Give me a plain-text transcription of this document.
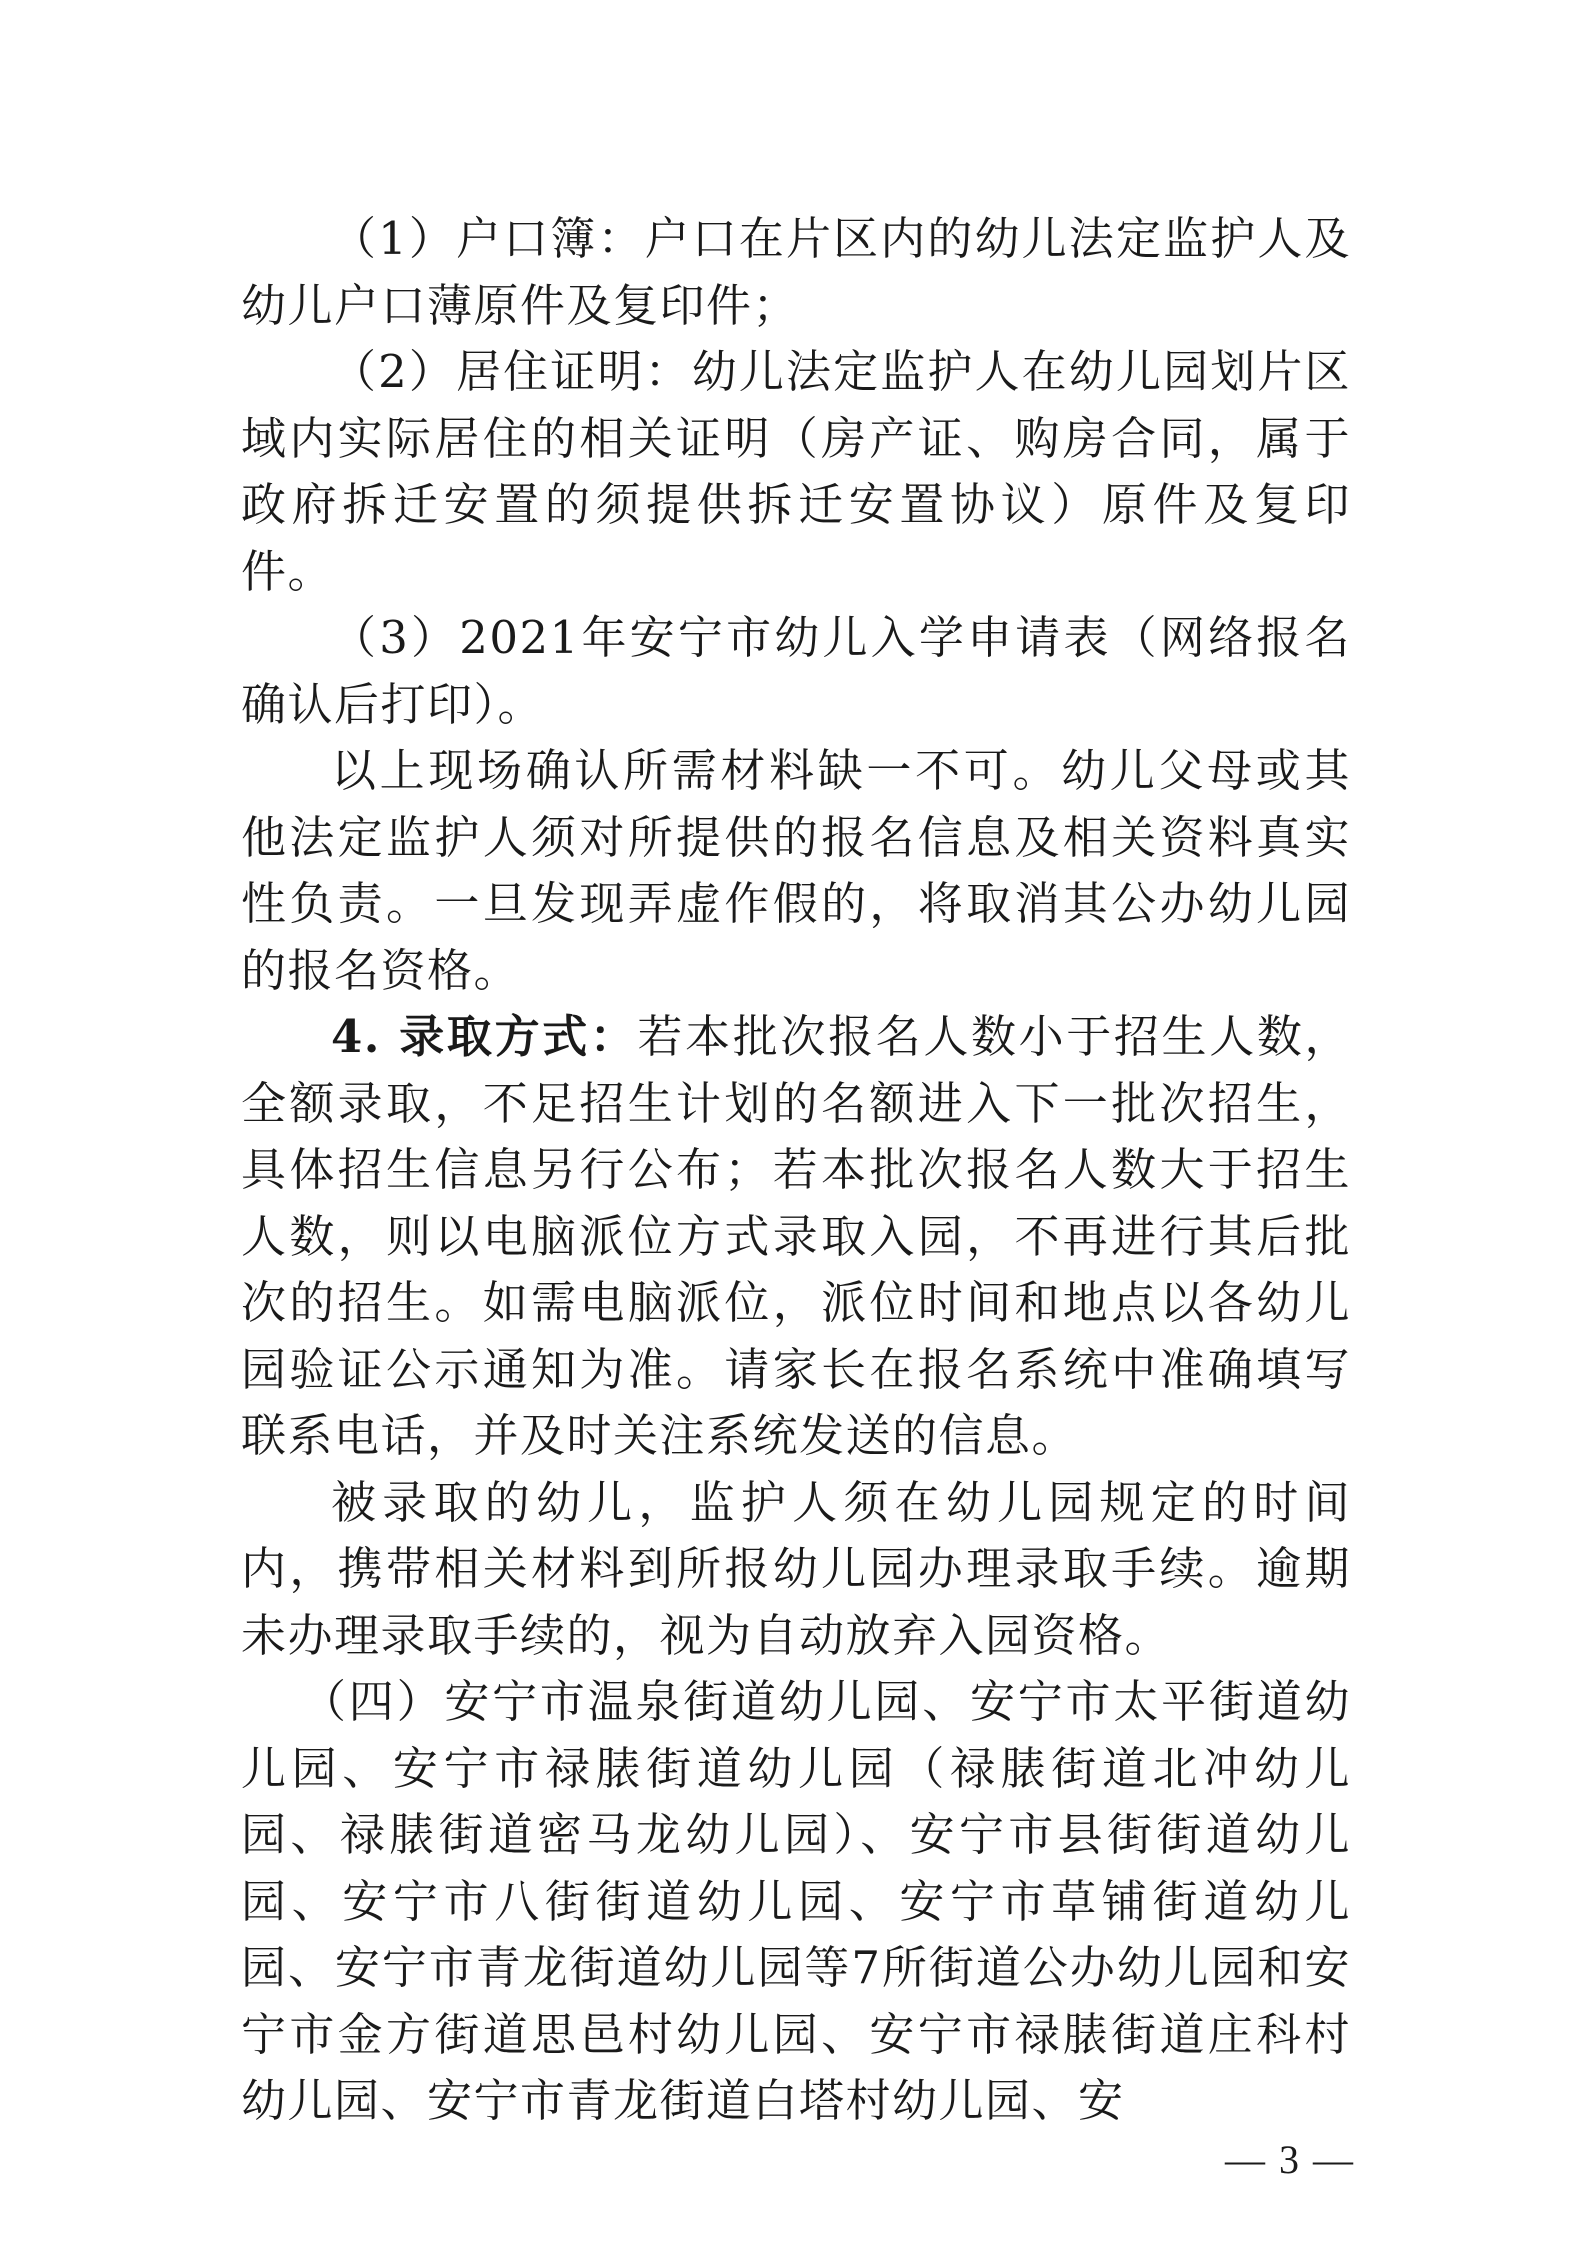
（1）户口簿：户口在片区内的幼儿法定监护人及幼儿户口薄原件及复印件；

（2）居住证明：幼儿法定监护人在幼儿园划片区域内实际居住的相关证明（房产证、购房合同，属于政府拆迁安置的须提供拆迁安置协议）原件及复印件。

（3）2021年安宁市幼儿入学申请表（网络报名确认后打印）。

以上现场确认所需材料缺一不可。幼儿父母或其他法定监护人须对所提供的报名信息及相关资料真实性负责。一旦发现弄虚作假的，将取消其公办幼儿园的报名资格。

4. 录取方式：若本批次报名人数小于招生人数，全额录取，不足招生计划的名额进入下一批次招生，具体招生信息另行公布；若本批次报名人数大于招生人数，则以电脑派位方式录取入园，不再进行其后批次的招生。如需电脑派位，派位时间和地点以各幼儿园验证公示通知为准。请家长在报名系统中准确填写联系电话，并及时关注系统发送的信息。

被录取的幼儿，监护人须在幼儿园规定的时间内，携带相关材料到所报幼儿园办理录取手续。逾期未办理录取手续的，视为自动放弃入园资格。

（四）安宁市温泉街道幼儿园、安宁市太平街道幼儿园、安宁市禄脿街道幼儿园（禄脿街道北冲幼儿园、禄脿街道密马龙幼儿园）、安宁市县街街道幼儿园、安宁市八街街道幼儿园、安宁市草铺街道幼儿园、安宁市青龙街道幼儿园等7所街道公办幼儿园和安宁市金方街道思邑村幼儿园、安宁市禄脿街道庄科村幼儿园、安宁市青龙街道白塔村幼儿园、安

— 3 —
